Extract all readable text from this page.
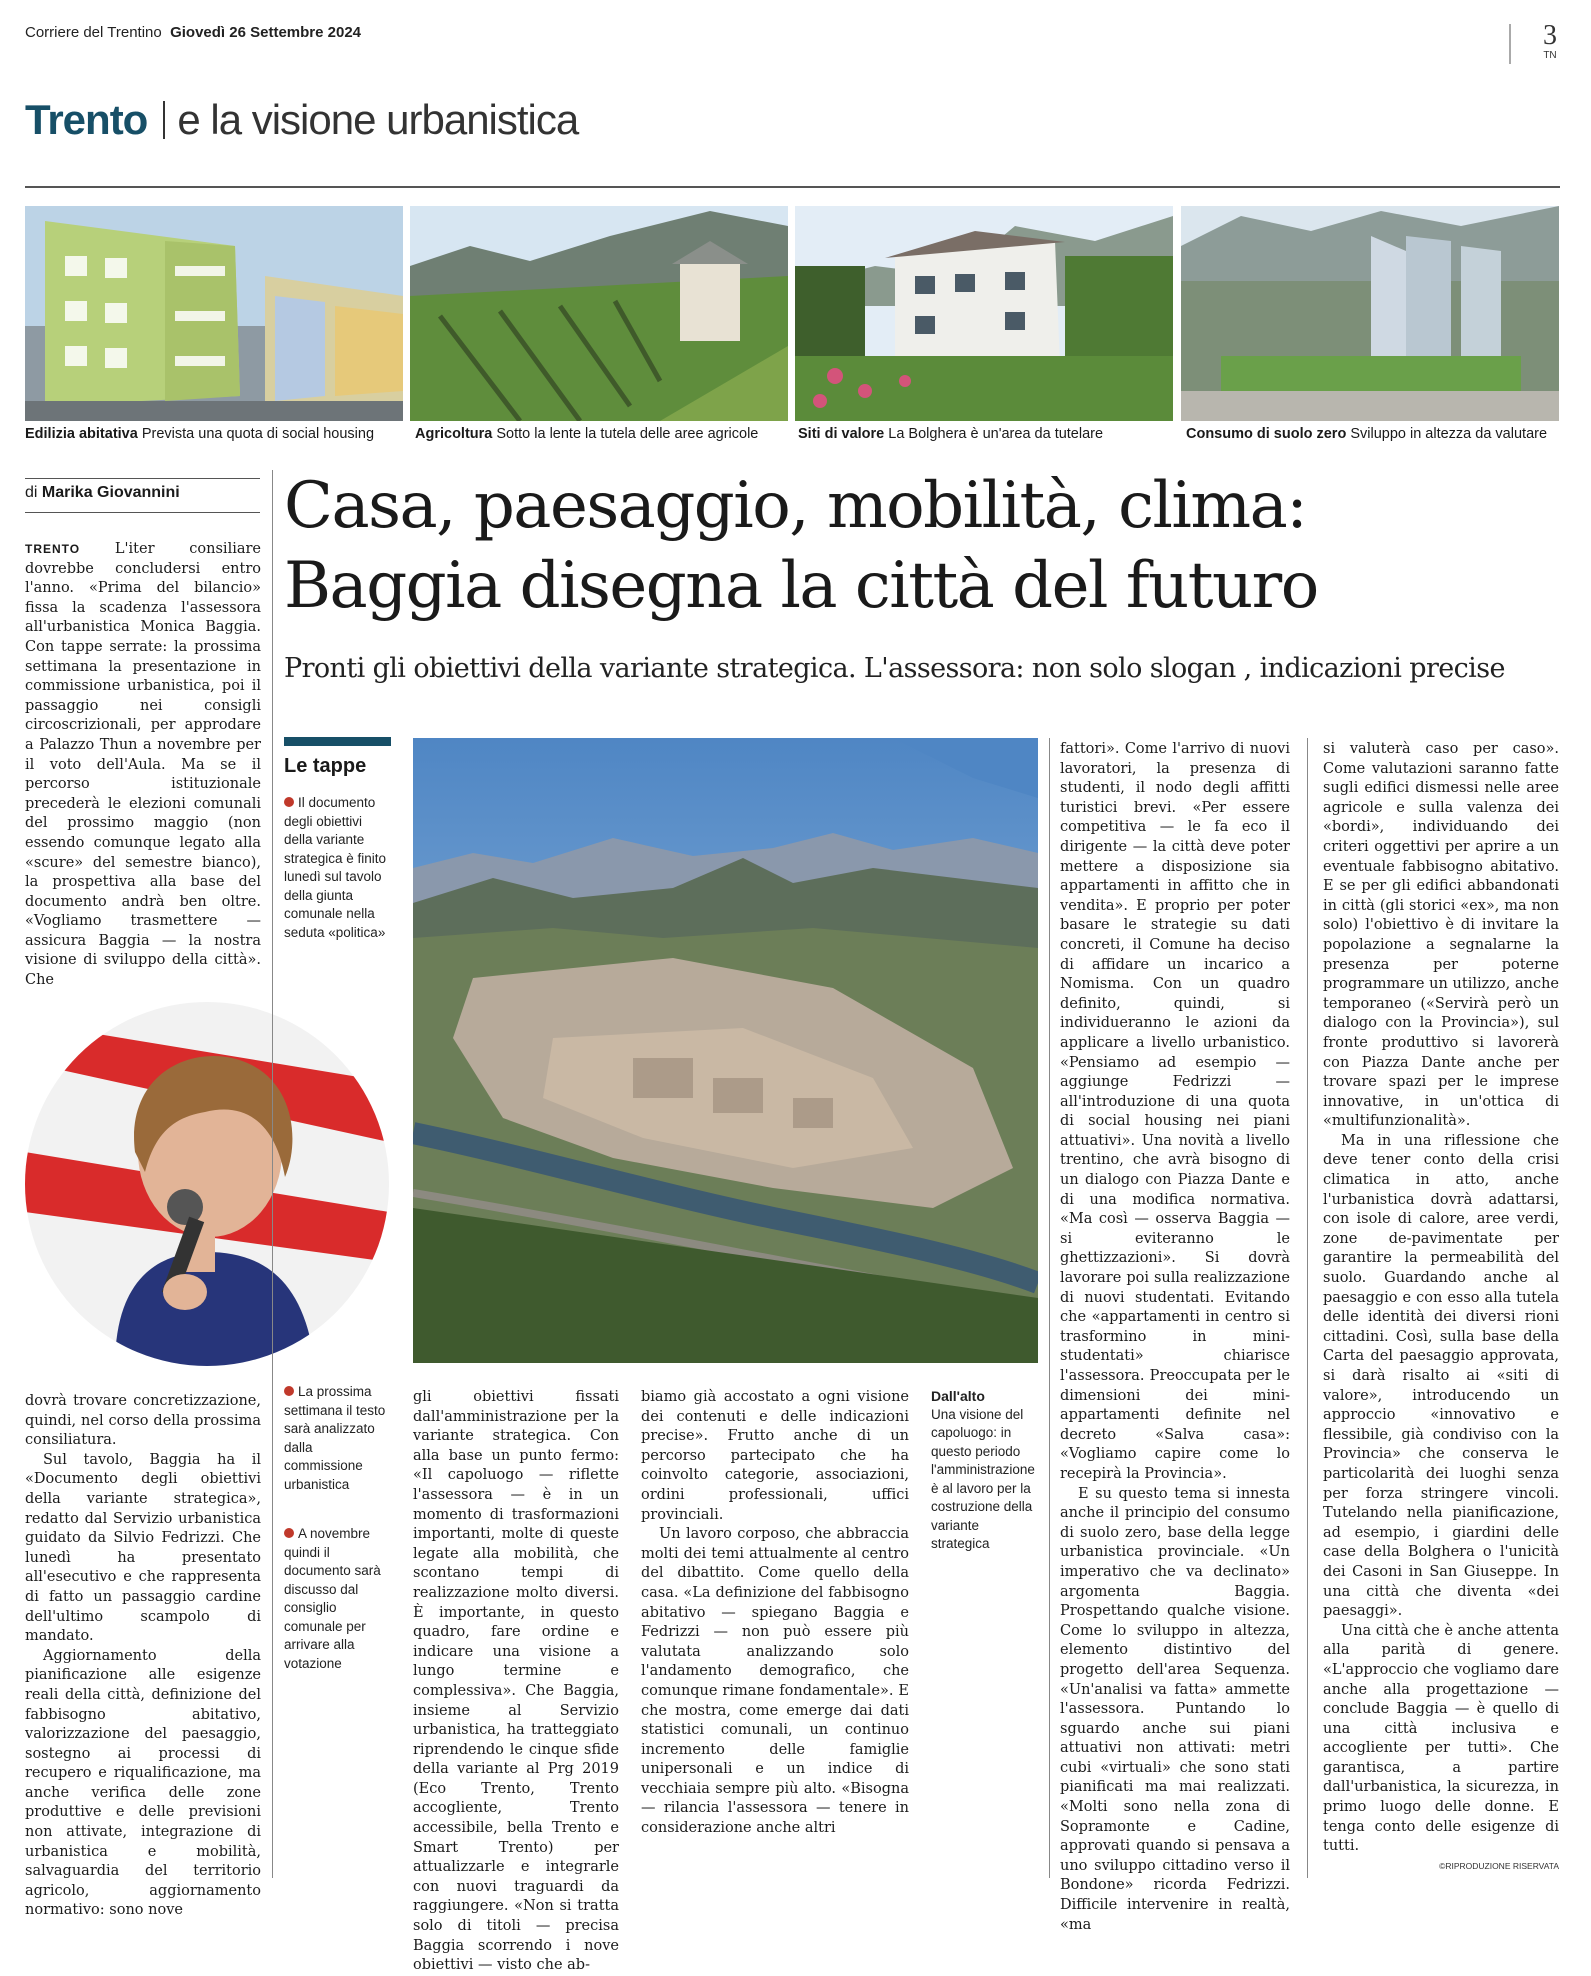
Corriere del Trentino Giovedì 26 Settembre 2024	3
TN
Trento e la visione urbanistica
Edilizia abitativa Prevista una quota di social housing	Agricoltura Sotto la lente la tutela delle aree agricole	Siti di valore La Bolghera è un'area da tutelare	Consumo di suolo zero Sviluppo in altezza da valutare
di Marika Giovannini Casa, paesaggio, mobilità, clima:
Baggia disegna la città del futuro
Pronti gli obiettivi della variante strategica. L'assessora: non solo slogan , indicazioni precise

TRENTO L'iter consiliare dovrebbe concludersi entro l'anno. «Prima del bilancio» fissa la scadenza l'assessora all'urbanistica Monica Baggia. Con tappe serrate: la prossima settimana la presentazione in commissione urbanistica, poi il passaggio nei consigli circoscrizionali, per approdare a Palazzo Thun a novembre per il voto dell'Aula. Ma se il percorso istituzionale precederà le elezioni comunali del prossimo maggio (non essendo comunque legato alla «scure» del semestre bianco), la prospettiva alla base del documento andrà ben oltre. «Vogliamo trasmettere — assicura Baggia — la nostra visione di sviluppo della città». Che

dovrà trovare concretizzazione, quindi, nel corso della prossima consiliatura.

Sul tavolo, Baggia ha il «Documento degli obiettivi della variante strategica», redatto dal Servizio urbanistica guidato da Silvio Fedrizzi. Che lunedì ha presentato all'esecutivo e che rappresenta di fatto un passaggio cardine dell'ultimo scampolo di mandato.

Aggiornamento della pianificazione alle esigenze reali della città, definizione del fabbisogno abitativo, valorizzazione del paesaggio, sostegno ai processi di recupero e riqualificazione, ma anche verifica delle zone produttive e delle previsioni non attivate, integrazione di urbanistica e mobilità, salvaguardia del territorio agricolo, aggiornamento normativo: sono nove

Le tappe
Il documento degli obiettivi della variante strategica è finito lunedì sul tavolo della giunta comunale nella seduta «politica»
La prossima settimana il testo sarà analizzato dalla commissione urbanistica
A novembre quindi il documento sarà discusso dal consiglio comunale per arrivare alla votazione

gli obiettivi fissati dall'amministrazione per la variante strategica. Con alla base un punto fermo: «Il capoluogo — riflette l'assessora — è in un momento di trasformazioni importanti, molte di queste legate alla mobilità, che scontano tempi di realizzazione molto diversi. È importante, in questo quadro, fare ordine e indicare una visione a lungo termine e complessiva». Che Baggia, insieme al Servizio urbanistica, ha tratteggiato riprendendo le cinque sfide della variante al Prg 2019 (Eco Trento, Trento accogliente, Trento accessibile, bella Trento e Smart Trento) per attualizzarle e integrarle con nuovi traguardi da raggiungere. «Non si tratta solo di titoli — precisa Baggia scorrendo i nove obiettivi — visto che ab-

biamo già accostato a ogni visione dei contenuti e delle indicazioni precise». Frutto anche di un percorso partecipato che ha coinvolto categorie, associazioni, ordini professionali, uffici provinciali.

Un lavoro corposo, che abbraccia molti dei temi attualmente al centro del dibattito. Come quello della casa. «La definizione del fabbisogno abitativo — spiegano Baggia e Fedrizzi — non può essere più valutata analizzando solo l'andamento demografico, che comunque rimane fondamentale». E che mostra, come emerge dai dati statistici comunali, un continuo incremento delle famiglie unipersonali e un indice di vecchiaia sempre più alto. «Bisogna — rilancia l'assessora — tenere in considerazione anche altri

Dall'alto
Una visione del capoluogo: in questo periodo l'amministrazione è al lavoro per la costruzione della variante strategica

fattori». Come l'arrivo di nuovi lavoratori, la presenza di studenti, il nodo degli affitti turistici brevi. «Per essere competitiva — le fa eco il dirigente — la città deve poter mettere a disposizione sia appartamenti in affitto che in vendita». E proprio per poter basare le strategie su dati concreti, il Comune ha deciso di affidare un incarico a Nomisma. Con un quadro definito, quindi, si individueranno le azioni da applicare a livello urbanistico. «Pensiamo ad esempio — aggiunge Fedrizzi — all'introduzione di una quota di social housing nei piani attuativi». Una novità a livello trentino, che avrà bisogno di un dialogo con Piazza Dante e di una modifica normativa. «Ma così — osserva Baggia — si eviteranno le ghettizzazioni». Si dovrà lavorare poi sulla realizzazione di nuovi studentati. Evitando che «appartamenti in centro si trasformino in mini-studentati» chiarisce l'assessora. Preoccupata per le dimensioni dei mini-appartamenti definite nel decreto «Salva casa»: «Vogliamo capire come lo recepirà la Provincia».

E su questo tema si innesta anche il principio del consumo di suolo zero, base della legge urbanistica provinciale. «Un imperativo che va declinato» argomenta Baggia. Prospettando qualche visione. Come lo sviluppo in altezza, elemento distintivo del progetto dell'area Sequenza. «Un'analisi va fatta» ammette l'assessora. Puntando lo sguardo anche sui piani attuativi non attivati: metri cubi «virtuali» che sono stati pianificati ma mai realizzati. «Molti sono nella zona di Sopramonte e Cadine, approvati quando si pensava a uno sviluppo cittadino verso il Bondone» ricorda Fedrizzi. Difficile intervenire in realtà, «ma

si valuterà caso per caso». Come valutazioni saranno fatte sugli edifici dismessi nelle aree agricole e sulla valenza dei «bordi», individuando dei criteri oggettivi per aprire a un eventuale fabbisogno abitativo. E se per gli edifici abbandonati in città (gli storici «ex», ma non solo) l'obiettivo è di invitare la popolazione a segnalarne la presenza per poterne programmare un utilizzo, anche temporaneo («Servirà però un dialogo con la Provincia»), sul fronte produttivo si lavorerà con Piazza Dante anche per trovare spazi per le imprese innovative, in un'ottica di «multifunzionalità».

Ma in una riflessione che deve tener conto della crisi climatica in atto, anche l'urbanistica dovrà adattarsi, con isole di calore, aree verdi, zone de-pavimentate per garantire la permeabilità del suolo. Guardando anche al paesaggio e con esso alla tutela delle identità dei diversi rioni cittadini. Così, sulla base della Carta del paesaggio approvata, si darà risalto ai «siti di valore», introducendo un approccio «innovativo e flessibile, già condiviso con la Provincia» che conserva le particolarità dei luoghi senza per forza stringere vincoli. Tutelando nella pianificazione, ad esempio, i giardini delle case della Bolghera o l'unicità dei Casoni in San Giuseppe. In una città che diventa «dei paesaggi».

Una città che è anche attenta alla parità di genere. «L'approccio che vogliamo dare anche alla progettazione — conclude Baggia — è quello di una città inclusiva e accogliente per tutti». Che garantisca, a partire dall'urbanistica, la sicurezza, in primo luogo delle donne. E tenga conto delle esigenze di tutti.

©RIPRODUZIONE RISERVATA
